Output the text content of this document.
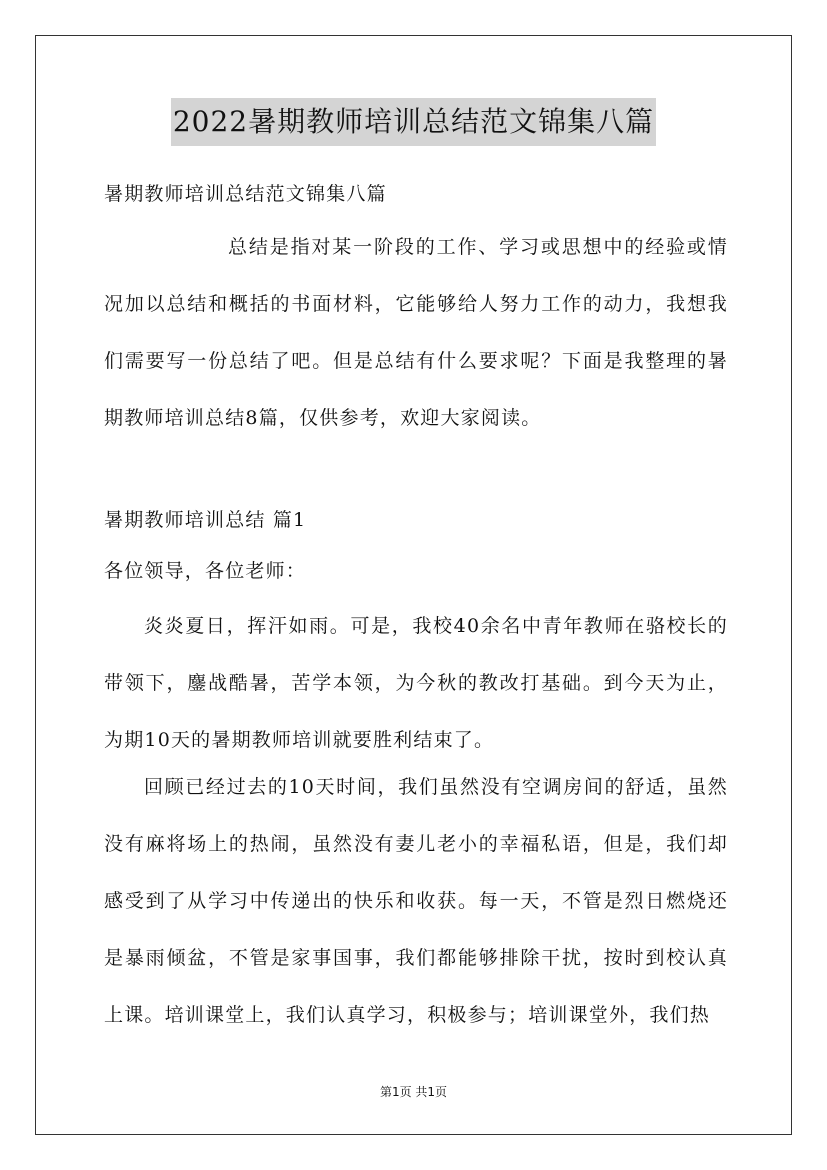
2022暑期教师培训总结范文锦集八篇
暑期教师培训总结范文锦集八篇
总结是指对某一阶段的工作、学习或思想中的经验或情况加以总结和概括的书面材料，它能够给人努力工作的动力，我想我们需要写一份总结了吧。但是总结有什么要求呢？下面是我整理的暑期教师培训总结8篇，仅供参考，欢迎大家阅读。
暑期教师培训总结 篇1
各位领导，各位老师：
炎炎夏日，挥汗如雨。可是，我校40余名中青年教师在骆校长的带领下，鏖战酷暑，苦学本领，为今秋的教改打基础。到今天为止，为期10天的暑期教师培训就要胜利结束了。
回顾已经过去的10天时间，我们虽然没有空调房间的舒适，虽然没有麻将场上的热闹，虽然没有妻儿老小的幸福私语，但是，我们却感受到了从学习中传递出的快乐和收获。每一天，不管是烈日燃烧还是暴雨倾盆，不管是家事国事，我们都能够排除干扰，按时到校认真上课。培训课堂上，我们认真学习，积极参与；培训课堂外，我们热
第1页 共1页
